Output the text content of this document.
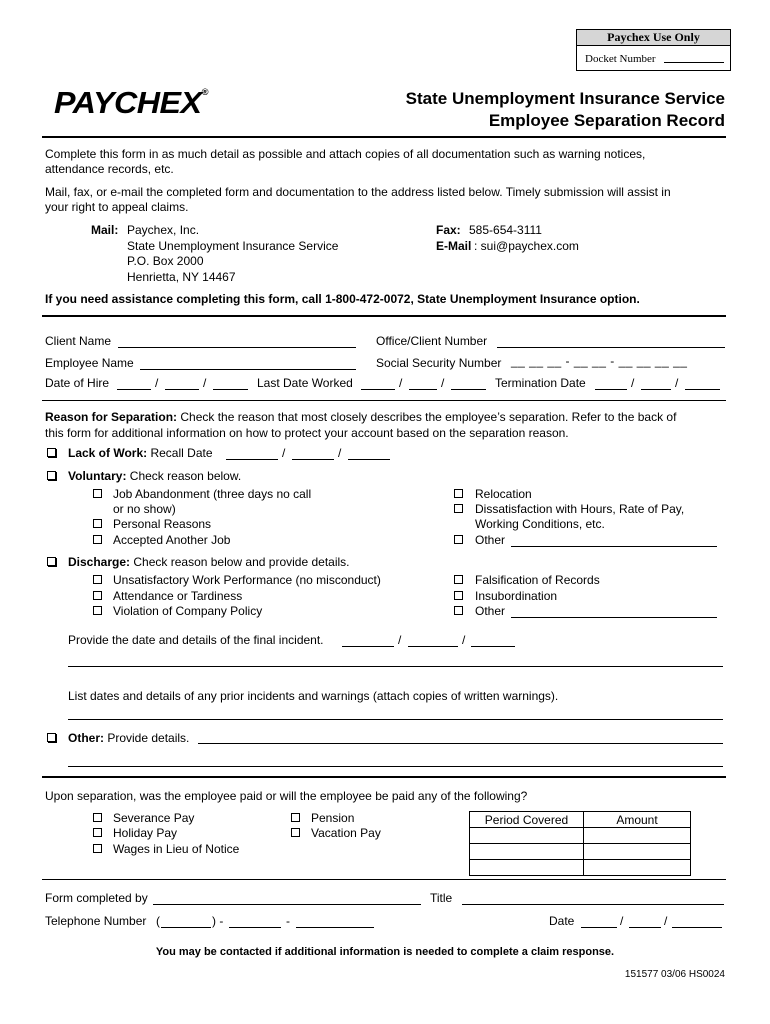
Paychex Use Only
Docket Number
PAYCHEX®	State Unemployment Insurance Service
Employee Separation Record
Complete this form in as much detail as possible and attach copies of all documentation such as warning notices,
attendance records, etc.
Mail, fax, or e-mail the completed form and documentation to the address listed below. Timely submission will assist in
your right to appeal claims.
Mail: Paychex, Inc.
State Unemployment Insurance Service
P.O. Box 2000
Henrietta, NY 14467
Fax: 585-654-3111
E-Mail : sui@paychex.com
If you need assistance completing this form, call 1-800-472-0072, State Unemployment Insurance option.
Client Name	Office/Client Number
Employee Name	Social Security Number __ __ __ - __ __ - __ __ __ __
Date of Hire	/	/	Last Date Worked	/	/	Termination Date	/	/
Reason for Separation: Check the reason that most closely describes the employee’s separation. Refer to the back of
this form for additional information on how to protect your account based on the separation reason.
Lack of Work: Recall Date	/	/
Voluntary: Check reason below.
Job Abandonment (three days no call
or no show)
Personal Reasons
Accepted Another Job
Relocation
Dissatisfaction with Hours, Rate of Pay,
Working Conditions, etc.
Other
Discharge: Check reason below and provide details.
Unsatisfactory Work Performance (no misconduct)
Attendance or Tardiness
Violation of Company Policy
Falsification of Records
Insubordination
Other
Provide the date and details of the final incident.	/	/
List dates and details of any prior incidents and warnings (attach copies of written warnings).
Other: Provide details.
Upon separation, was the employee paid or will the employee be paid any of the following?
Severance Pay
Holiday Pay
Wages in Lieu of Notice
Pension
Vacation Pay
Period Covered	Amount

Form completed by	Title
Telephone Number (	) -	-	Date	/	/
You may be contacted if additional information is needed to complete a claim response.
151577 03/06 HS0024
